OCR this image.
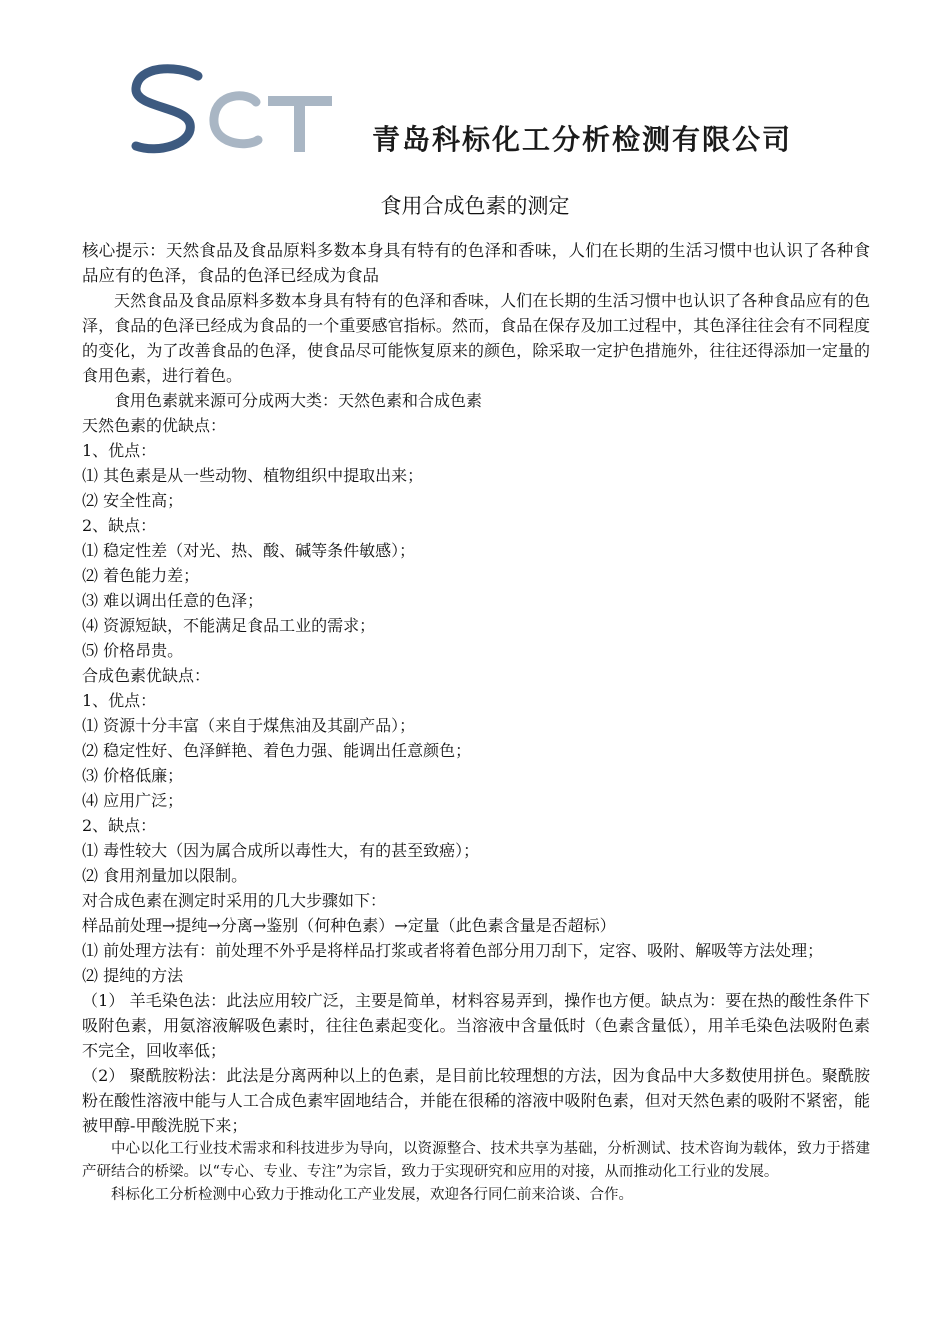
青岛科标化工分析检测有限公司
食用合成色素的测定

核心提示：天然食品及食品原料多数本身具有特有的色泽和香味，人们在长期的生活习惯中也认识了各种食品应有的色泽，食品的色泽已经成为食品

天然食品及食品原料多数本身具有特有的色泽和香味，人们在长期的生活习惯中也认识了各种食品应有的色泽，食品的色泽已经成为食品的一个重要感官指标。然而，食品在保存及加工过程中，其色泽往往会有不同程度的变化，为了改善食品的色泽，使食品尽可能恢复原来的颜色，除采取一定护色措施外，往往还得添加一定量的食用色素，进行着色。

食用色素就来源可分成两大类：天然色素和合成色素

天然色素的优缺点：

1、优点：

⑴ 其色素是从一些动物、植物组织中提取出来；

⑵ 安全性高；

2、缺点：

⑴ 稳定性差（对光、热、酸、碱等条件敏感）；

⑵ 着色能力差；

⑶ 难以调出任意的色泽；

⑷ 资源短缺，不能满足食品工业的需求；

⑸ 价格昂贵。

合成色素优缺点：

1、优点：

⑴ 资源十分丰富（来自于煤焦油及其副产品）；

⑵ 稳定性好、色泽鲜艳、着色力强、能调出任意颜色；

⑶ 价格低廉；

⑷ 应用广泛；

2、缺点：

⑴ 毒性较大（因为属合成所以毒性大，有的甚至致癌）；

⑵ 食用剂量加以限制。

对合成色素在测定时采用的几大步骤如下：

样品前处理→提纯→分离→鉴别（何种色素）→定量（此色素含量是否超标）

⑴ 前处理方法有：前处理不外乎是将样品打浆或者将着色部分用刀刮下，定容、吸附、解吸等方法处理；

⑵ 提纯的方法

（1） 羊毛染色法：此法应用较广泛，主要是简单，材料容易弄到，操作也方便。缺点为：要在热的酸性条件下吸附色素，用氨溶液解吸色素时，往往色素起变化。当溶液中含量低时（色素含量低），用羊毛染色法吸附色素不完全，回收率低；

（2） 聚酰胺粉法：此法是分离两种以上的色素，是目前比较理想的方法，因为食品中大多数使用拼色。聚酰胺粉在酸性溶液中能与人工合成色素牢固地结合，并能在很稀的溶液中吸附色素，但对天然色素的吸附不紧密，能被甲醇-甲酸洗脱下来；

中心以化工行业技术需求和科技进步为导向，以资源整合、技术共享为基础，分析测试、技术咨询为载体，致力于搭建产研结合的桥梁。以“专心、专业、专注”为宗旨，致力于实现研究和应用的对接，从而推动化工行业的发展。

科标化工分析检测中心致力于推动化工产业发展，欢迎各行同仁前来洽谈、合作。
